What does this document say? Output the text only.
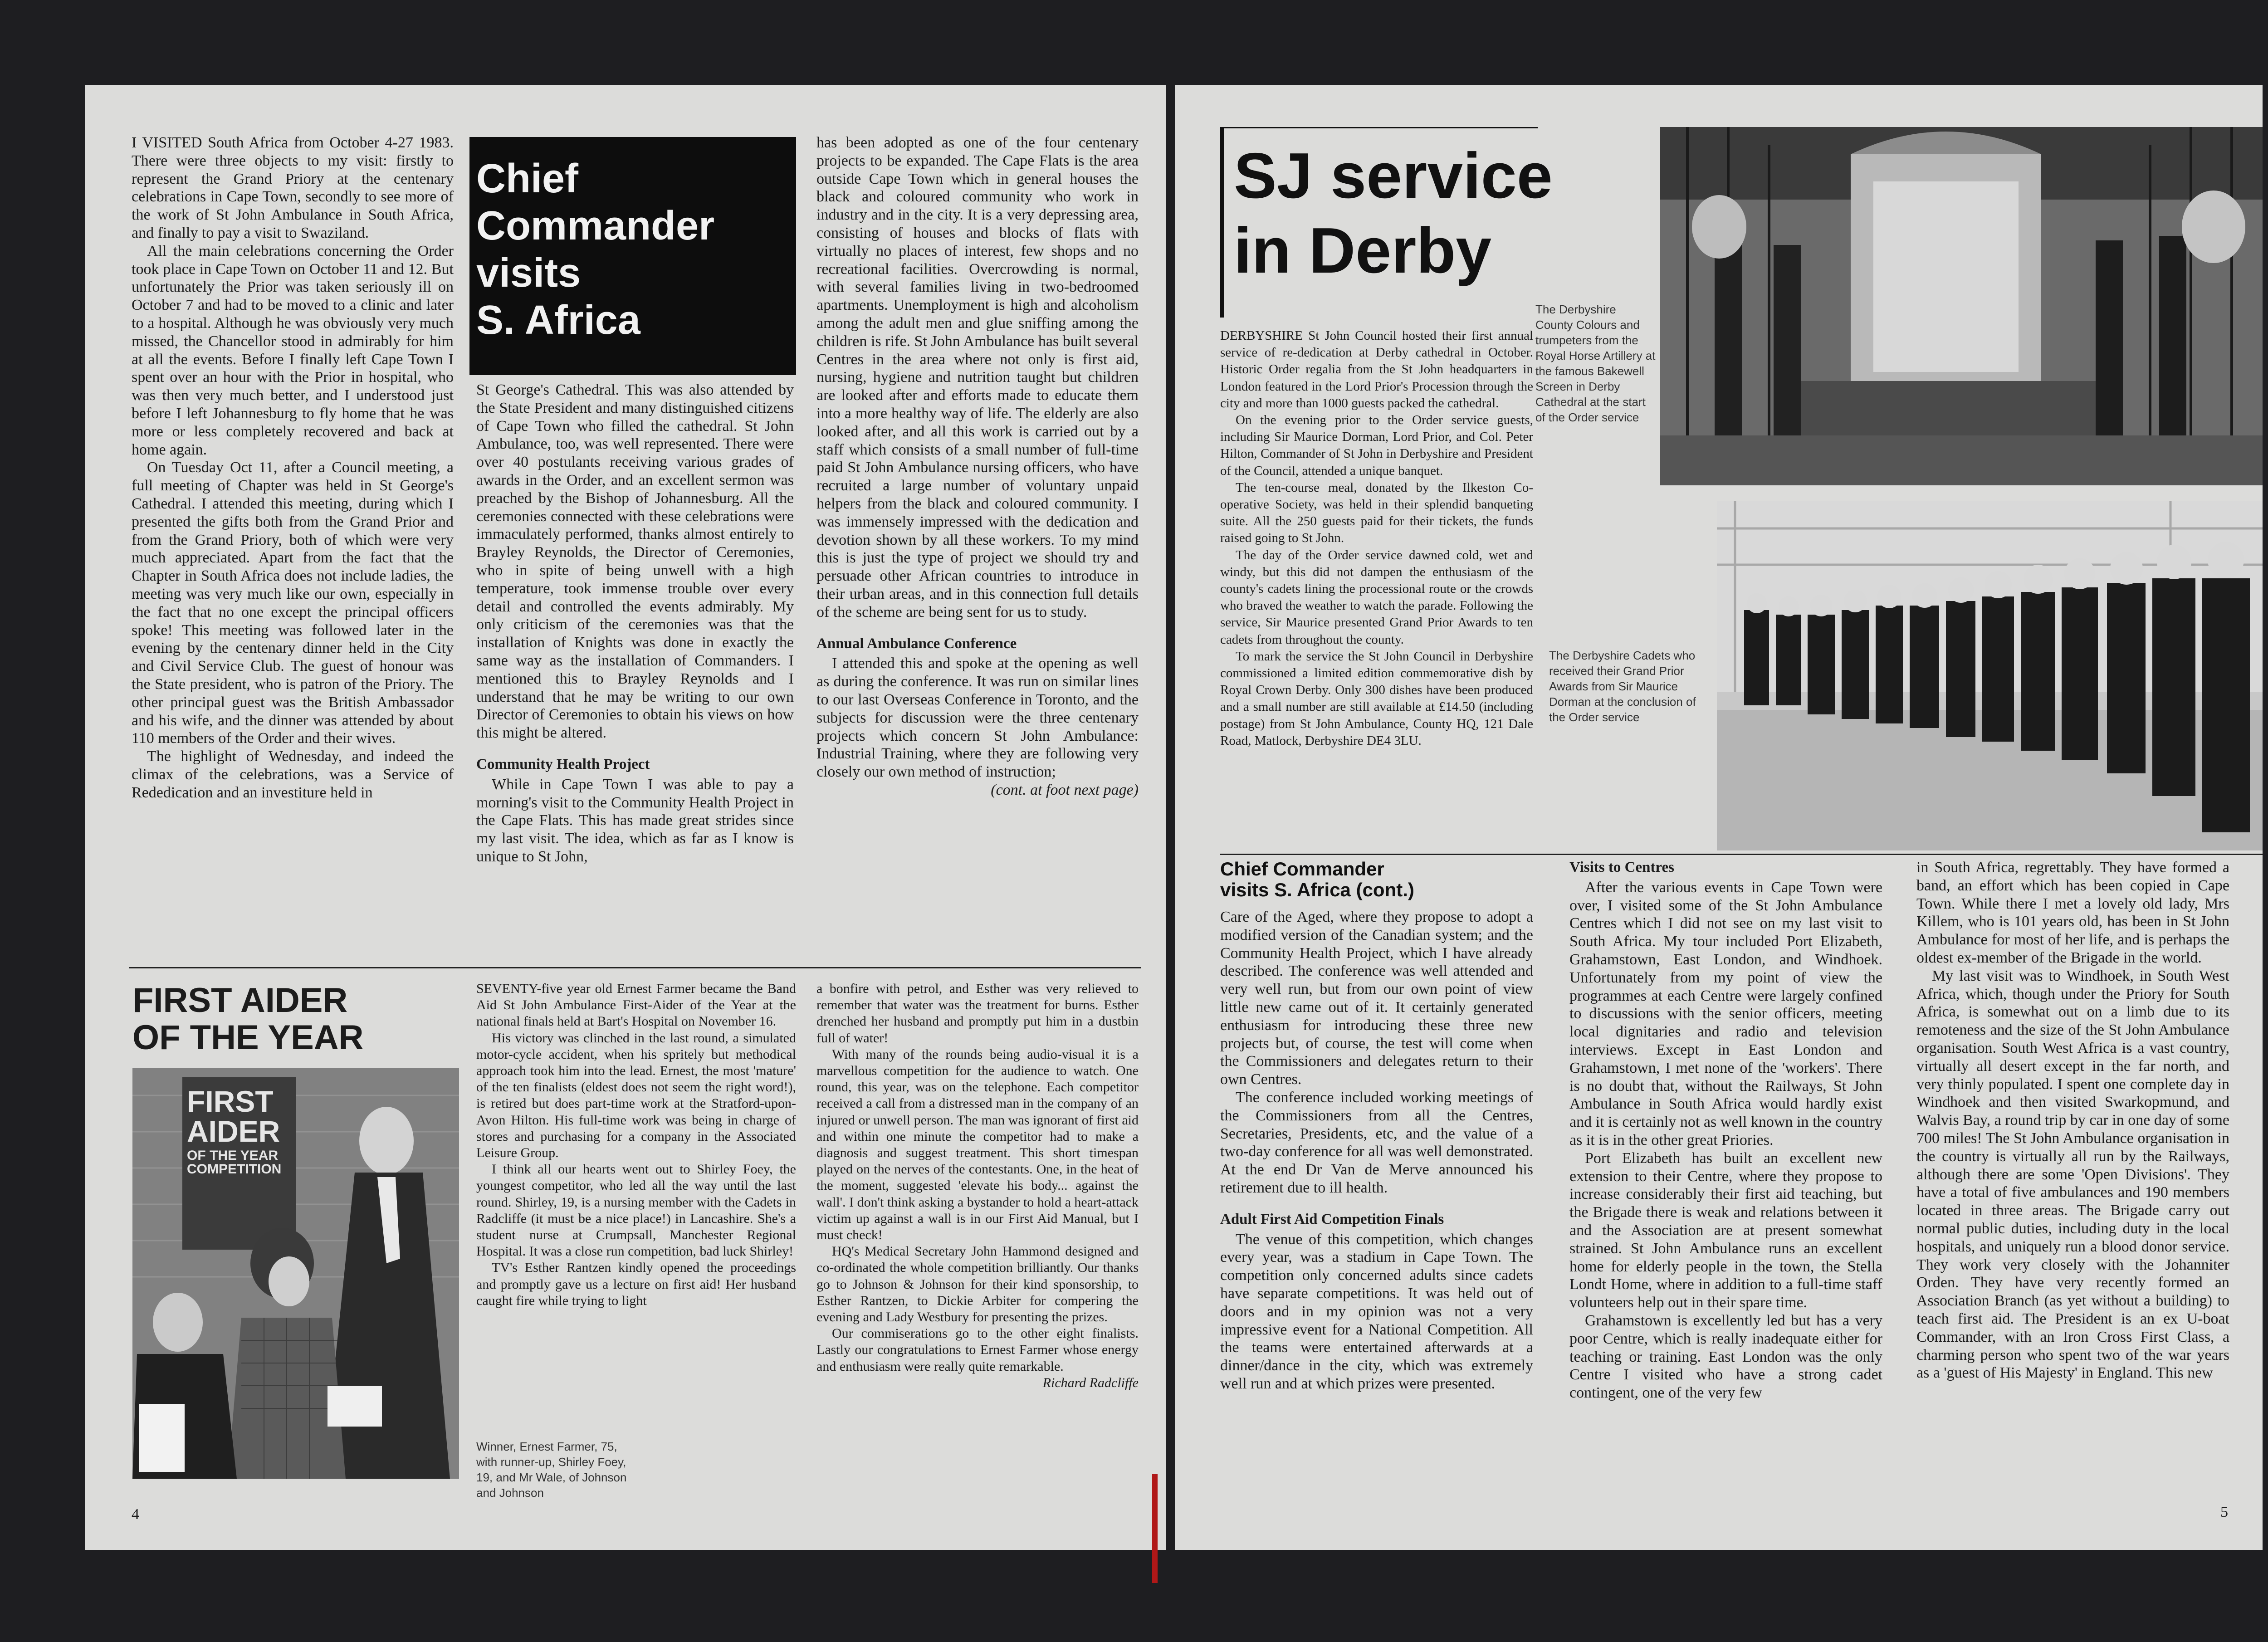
Chief
Commander
visits
S. Africa

I VISITED South Africa from October 4-27 1983. There were three objects to my visit: firstly to represent the Grand Priory at the centenary celebrations in Cape Town, secondly to see more of the work of St John Ambulance in South Africa, and finally to pay a visit to Swaziland.

All the main celebrations concerning the Order took place in Cape Town on October 11 and 12. But unfortunately the Prior was taken seriously ill on October 7 and had to be moved to a clinic and later to a hospital. Although he was obviously very much missed, the Chancellor stood in admirably for him at all the events. Before I finally left Cape Town I spent over an hour with the Prior in hospital, who was then very much better, and I understood just before I left Johannesburg to fly home that he was more or less completely recovered and back at home again.

On Tuesday Oct 11, after a Council meeting, a full meeting of Chapter was held in St George's Cathedral. I attended this meeting, during which I presented the gifts both from the Grand Prior and from the Grand Priory, both of which were very much appreciated. Apart from the fact that the Chapter in South Africa does not include ladies, the meeting was very much like our own, especially in the fact that no one except the principal officers spoke! This meeting was followed later in the evening by the centenary dinner held in the City and Civil Service Club. The guest of honour was the State president, who is patron of the Priory. The other principal guest was the British Ambassador and his wife, and the dinner was attended by about 110 members of the Order and their wives.

The highlight of Wednesday, and indeed the climax of the celebrations, was a Service of Rededication and an investiture held in

St George's Cathedral. This was also attended by the State President and many distinguished citizens of Cape Town who filled the cathedral. St John Ambulance, too, was well represented. There were over 40 postulants receiving various grades of awards in the Order, and an excellent sermon was preached by the Bishop of Johannesburg. All the ceremonies connected with these celebrations were immaculately performed, thanks almost entirely to Brayley Reynolds, the Director of Ceremonies, who in spite of being unwell with a high temperature, took immense trouble over every detail and controlled the events admirably. My only criticism of the ceremonies was that the installation of Knights was done in exactly the same way as the installation of Commanders. I mentioned this to Brayley Reynolds and I understand that he may be writing to our own Director of Ceremonies to obtain his views on how this might be altered.

Community Health Project

While in Cape Town I was able to pay a morning's visit to the Community Health Project in the Cape Flats. This has made great strides since my last visit. The idea, which as far as I know is unique to St John,

has been adopted as one of the four centenary projects to be expanded. The Cape Flats is the area outside Cape Town which in general houses the black and coloured community who work in industry and in the city. It is a very depressing area, consisting of houses and blocks of flats with virtually no places of interest, few shops and no recreational facilities. Overcrowding is normal, with several families living in two-bedroomed apartments. Unemployment is high and alcoholism among the adult men and glue sniffing among the children is rife. St John Ambulance has built several Centres in the area where not only is first aid, nursing, hygiene and nutrition taught but children are looked after and efforts made to educate them into a more healthy way of life. The elderly are also looked after, and all this work is carried out by a staff which consists of a small number of full-time paid St John Ambulance nursing officers, who have recruited a large number of voluntary unpaid helpers from the black and coloured community. I was immensely impressed with the dedication and devotion shown by all these workers. To my mind this is just the type of project we should try and persuade other African countries to introduce in their urban areas, and in this connection full details of the scheme are being sent for us to study.

Annual Ambulance Conference

I attended this and spoke at the opening as well as during the conference. It was run on similar lines to our last Overseas Conference in Toronto, and the subjects for discussion were the three centenary projects which concern St John Ambulance: Industrial Training, where they are following very closely our own method of instruction;

(cont. at foot next page)
FIRST AIDER
OF THE YEAR
FIRST
AIDER
OF THE YEAR
COMPETITION

SEVENTY-five year old Ernest Farmer became the Band Aid St John Ambulance First-Aider of the Year at the national finals held at Bart's Hospital on November 16.

His victory was clinched in the last round, a simulated motor-cycle accident, when his spritely but methodical approach took him into the lead. Ernest, the most 'mature' of the ten finalists (eldest does not seem the right word!), is retired but does part-time work at the Stratford-upon-Avon Hilton. His full-time work was being in charge of stores and purchasing for a company in the Associated Leisure Group.

I think all our hearts went out to Shirley Foey, the youngest competitor, who led all the way until the last round. Shirley, 19, is a nursing member with the Cadets in Radcliffe (it must be a nice place!) in Lancashire. She's a student nurse at Crumpsall, Manchester Regional Hospital. It was a close run competition, bad luck Shirley!

TV's Esther Rantzen kindly opened the proceedings and promptly gave us a lecture on first aid! Her husband caught fire while trying to light

Winner, Ernest Farmer, 75, with runner-up, Shirley Foey, 19, and Mr Wale, of Johnson and Johnson

a bonfire with petrol, and Esther was very relieved to remember that water was the treatment for burns. Esther drenched her husband and promptly put him in a dustbin full of water!

With many of the rounds being audio-visual it is a marvellous competition for the audience to watch. One round, this year, was on the telephone. Each competitor received a call from a distressed man in the company of an injured or unwell person. The man was ignorant of first aid and within one minute the competitor had to make a diagnosis and suggest treatment. This short timespan played on the nerves of the contestants. One, in the heat of the moment, suggested 'elevate his body... against the wall'. I don't think asking a bystander to hold a heart-attack victim up against a wall is in our First Aid Manual, but I must check!

HQ's Medical Secretary John Hammond designed and co-ordinated the whole competition brilliantly. Our thanks go to Johnson & Johnson for their kind sponsorship, to Esther Rantzen, to Dickie Arbiter for compering the evening and Lady Westbury for presenting the prizes.

Our commiserations go to the other eight finalists. Lastly our congratulations to Ernest Farmer whose energy and enthusiasm were really quite remarkable.

Richard Radcliffe
4
SJ service
in Derby
The Derbyshire County Colours and trumpeters from the Royal Horse Artillery at the famous Bakewell Screen in Derby Cathedral at the start of the Order service
The Derbyshire Cadets who received their Grand Prior Awards from Sir Maurice Dorman at the conclusion of the Order service

DERBYSHIRE St John Council hosted their first annual service of re-dedication at Derby cathedral in October. Historic Order regalia from the St John headquarters in London featured in the Lord Prior's Procession through the city and more than 1000 guests packed the cathedral.

On the evening prior to the Order service guests, including Sir Maurice Dorman, Lord Prior, and Col. Peter Hilton, Commander of St John in Derbyshire and President of the Council, attended a unique banquet.

The ten-course meal, donated by the Ilkeston Co-operative Society, was held in their splendid banqueting suite. All the 250 guests paid for their tickets, the funds raised going to St John.

The day of the Order service dawned cold, wet and windy, but this did not dampen the enthusiasm of the county's cadets lining the processional route or the crowds who braved the weather to watch the parade. Following the service, Sir Maurice presented Grand Prior Awards to ten cadets from throughout the county.

To mark the service the St John Council in Derbyshire commissioned a limited edition commemorative dish by Royal Crown Derby. Only 300 dishes have been produced and a small number are still available at £14.50 (including postage) from St John Ambulance, County HQ, 121 Dale Road, Matlock, Derbyshire DE4 3LU.

Chief Commander
visits S. Africa (cont.)

Care of the Aged, where they propose to adopt a modified version of the Canadian system; and the Community Health Project, which I have already described. The conference was well attended and very well run, but from our own point of view little new came out of it. It certainly generated enthusiasm for introducing these three new projects but, of course, the test will come when the Commissioners and delegates return to their own Centres.

The conference included working meetings of the Commissioners from all the Centres, Secretaries, Presidents, etc, and the value of a two-day conference for all was well demonstrated. At the end Dr Van de Merve announced his retirement due to ill health.

Adult First Aid Competition Finals

The venue of this competition, which changes every year, was a stadium in Cape Town. The competition only concerned adults since cadets have separate competitions. It was held out of doors and in my opinion was not a very impressive event for a National Competition. All the teams were entertained afterwards at a dinner/dance in the city, which was extremely well run and at which prizes were presented.

Visits to Centres

After the various events in Cape Town were over, I visited some of the St John Ambulance Centres which I did not see on my last visit to South Africa. My tour included Port Elizabeth, Grahamstown, East London, and Windhoek. Unfortunately from my point of view the programmes at each Centre were largely confined to discussions with the senior officers, meeting local dignitaries and radio and television interviews. Except in East London and Grahamstown, I met none of the 'workers'. There is no doubt that, without the Railways, St John Ambulance in South Africa would hardly exist and it is certainly not as well known in the country as it is in the other great Priories.

Port Elizabeth has built an excellent new extension to their Centre, where they propose to increase considerably their first aid teaching, but the Brigade there is weak and relations between it and the Association are at present somewhat strained. St John Ambulance runs an excellent home for elderly people in the town, the Stella Londt Home, where in addition to a full-time staff volunteers help out in their spare time.

Grahamstown is excellently led but has a very poor Centre, which is really inadequate either for teaching or training. East London was the only Centre I visited who have a strong cadet contingent, one of the very few

in South Africa, regrettably. They have formed a band, an effort which has been copied in Cape Town. While there I met a lovely old lady, Mrs Killem, who is 101 years old, has been in St John Ambulance for most of her life, and is perhaps the oldest ex-member of the Brigade in the world.

My last visit was to Windhoek, in South West Africa, which, though under the Priory for South Africa, is somewhat out on a limb due to its remoteness and the size of the St John Ambulance organisation. South West Africa is a vast country, virtually all desert except in the far north, and very thinly populated. I spent one complete day in Windhoek and then visited Swarkopmund, and Walvis Bay, a round trip by car in one day of some 700 miles! The St John Ambulance organisation in the country is virtually all run by the Railways, although there are some 'Open Divisions'. They have a total of five ambulances and 190 members located in three areas. The Brigade carry out normal public duties, including duty in the local hospitals, and uniquely run a blood donor service. They work very closely with the Johanniter Orden. They have very recently formed an Association Branch (as yet without a building) to teach first aid. The President is an ex U-boat Commander, with an Iron Cross First Class, a charming person who spent two of the war years as a 'guest of His Majesty' in England. This new

5
